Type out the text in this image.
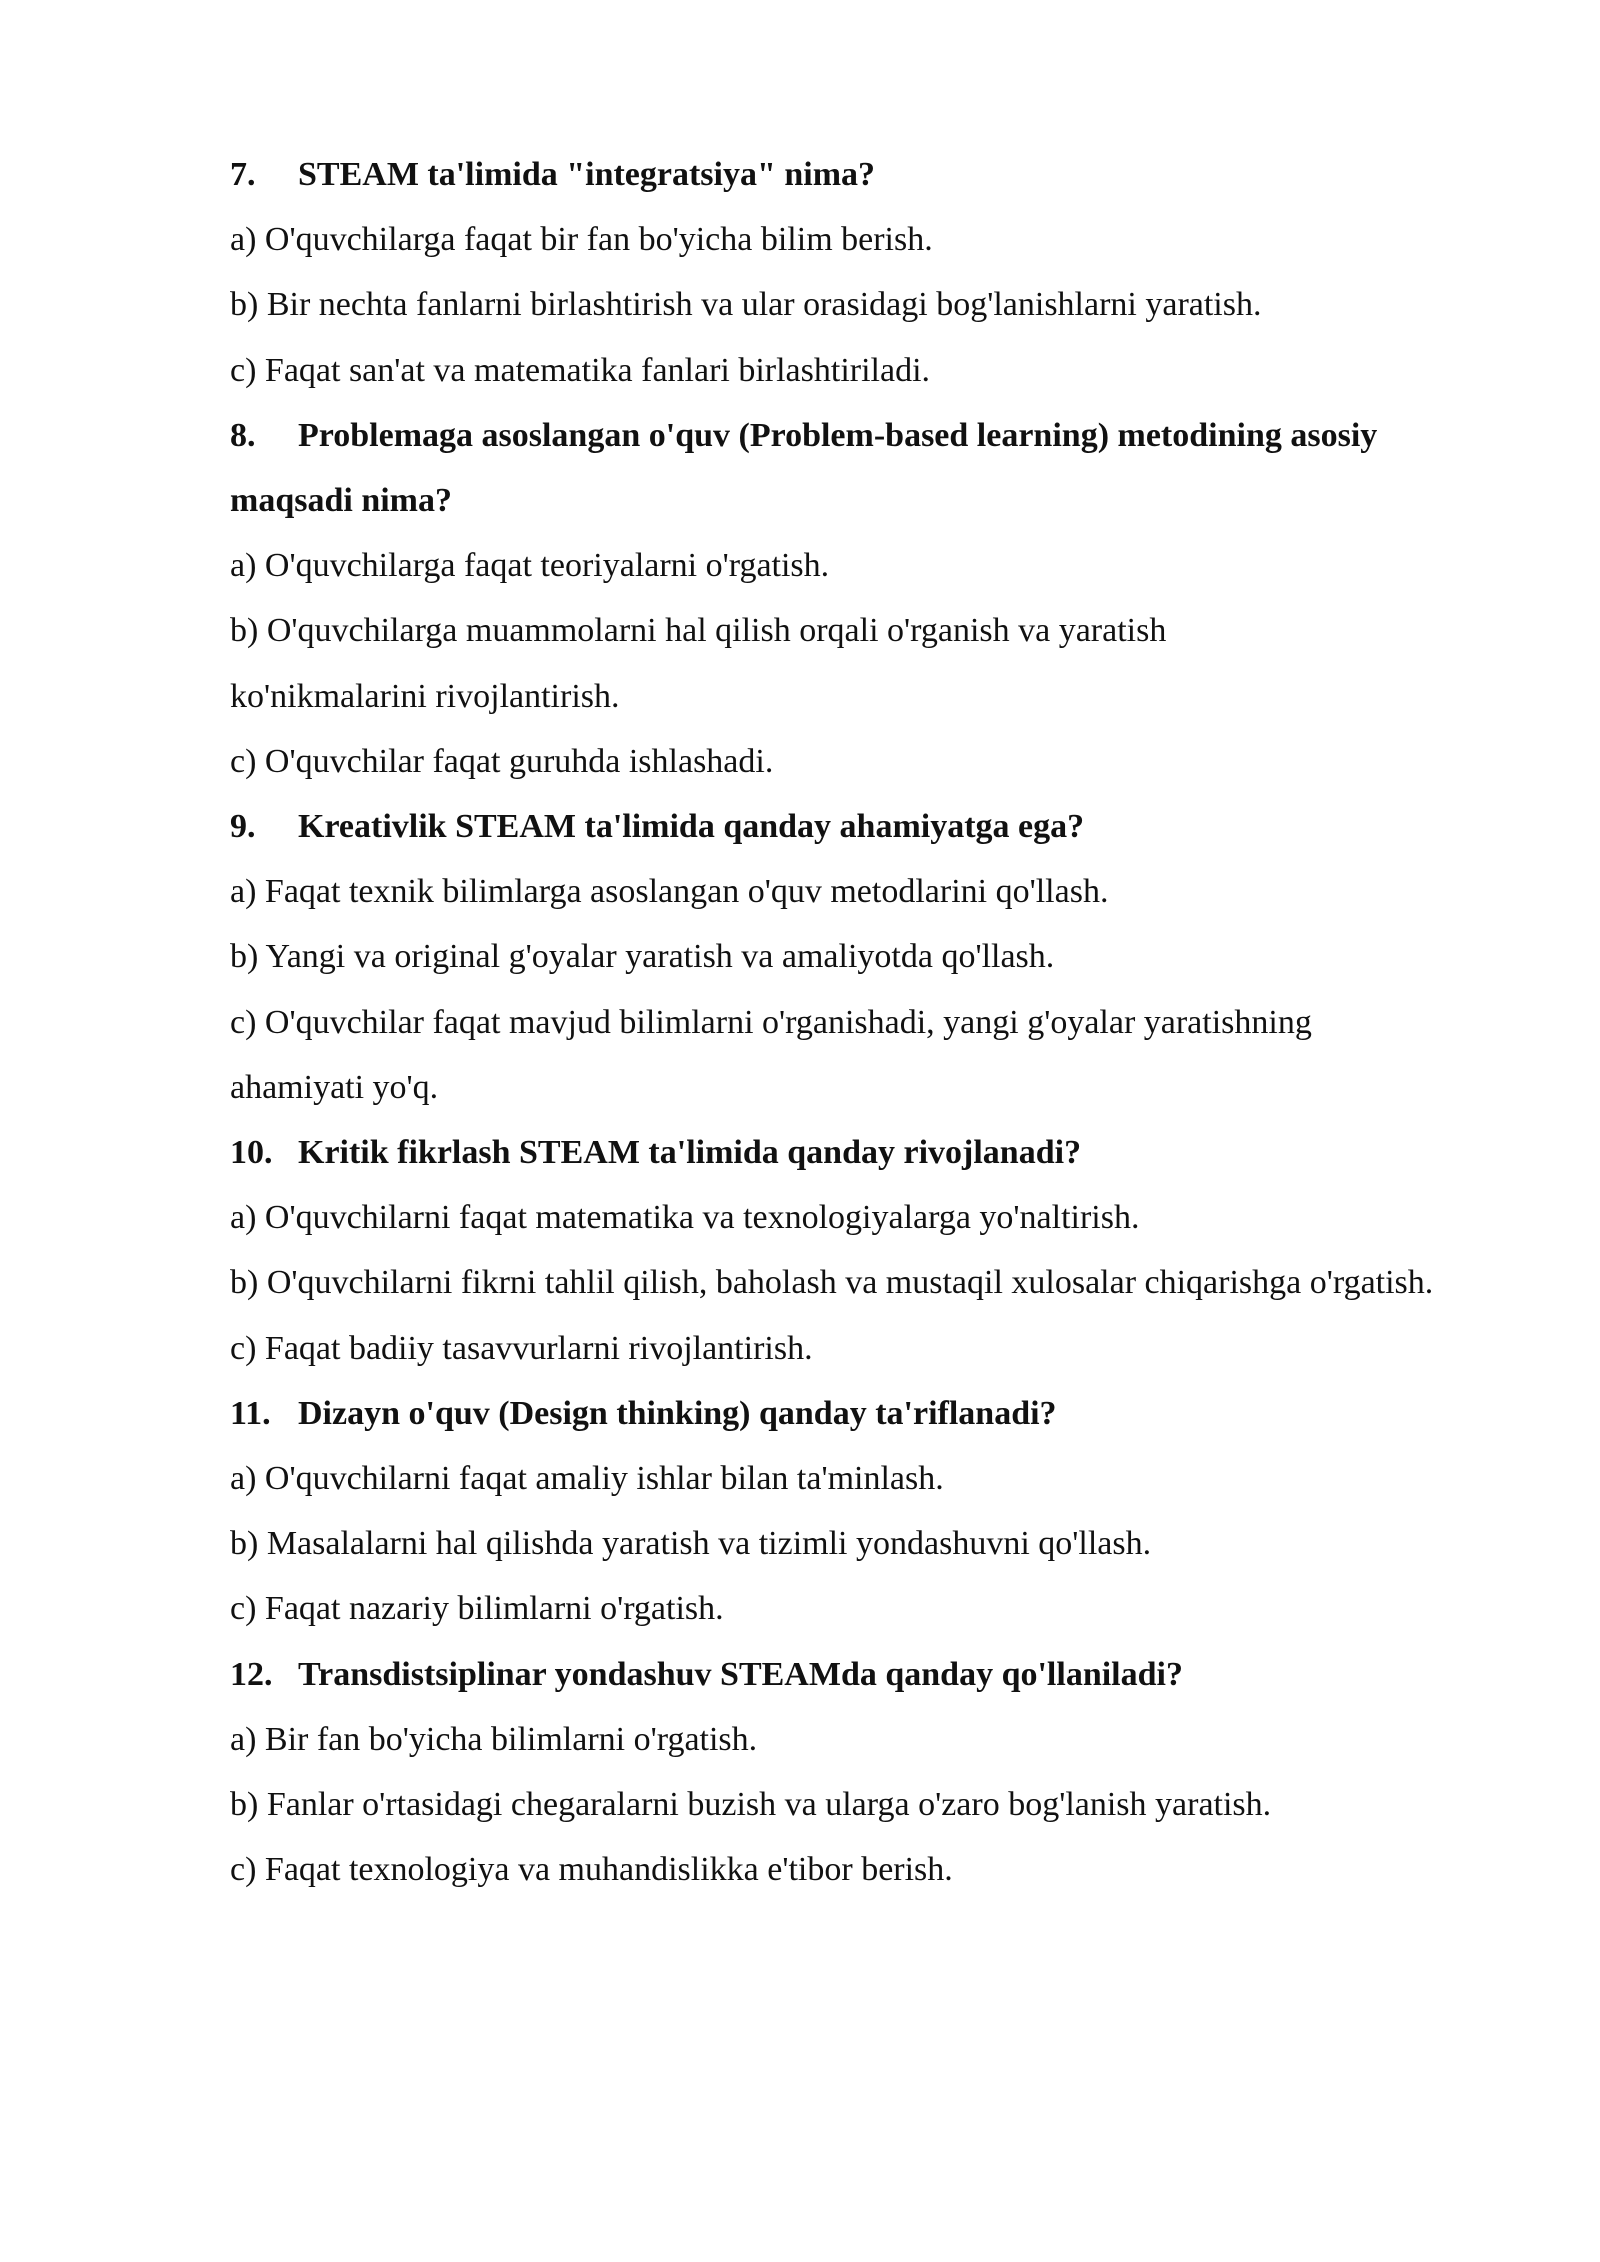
7.	STEAM ta'limida "integratsiya" nima?
a) O'quvchilarga faqat bir fan bo'yicha bilim berish.
b) Bir nechta fanlarni birlashtirish va ular orasidagi bog'lanishlarni yaratish.
c) Faqat san'at va matematika fanlari birlashtiriladi.
8. Problemaga asoslangan o'quv (Problem-based learning) metodining asosiy maqsadi nima?
a) O'quvchilarga faqat teoriyalarni o'rgatish.
b) O'quvchilarga muammolarni hal qilish orqali o'rganish va yaratish ko'nikmalarini rivojlantirish.
c) O'quvchilar faqat guruhda ishlashadi.
9.	Kreativlik STEAM ta'limida qanday ahamiyatga ega?
a) Faqat texnik bilimlarga asoslangan o'quv metodlarini qo'llash.
b) Yangi va original g'oyalar yaratish va amaliyotda qo'llash.
c) O'quvchilar faqat mavjud bilimlarni o'rganishadi, yangi g'oyalar yaratishning ahamiyati yo'q.
10. Kritik fikrlash STEAM ta'limida qanday rivojlanadi?
a) O'quvchilarni faqat matematika va texnologiyalarga yo'naltirish.
b) O'quvchilarni fikrni tahlil qilish, baholash va mustaqil xulosalar chiqarishga o'rgatish.
c) Faqat badiiy tasavvurlarni rivojlantirish.
11. Dizayn o'quv (Design thinking) qanday ta'riflanadi?
a) O'quvchilarni faqat amaliy ishlar bilan ta'minlash.
b) Masalalarni hal qilishda yaratish va tizimli yondashuvni qo'llash.
c) Faqat nazariy bilimlarni o'rgatish.
12. Transdistsiplinar yondashuv STEAMda qanday qo'llaniladi?
a) Bir fan bo'yicha bilimlarni o'rgatish.
b) Fanlar o'rtasidagi chegaralarni buzish va ularga o'zaro bog'lanish yaratish.
c) Faqat texnologiya va muhandislikka e'tibor berish.
